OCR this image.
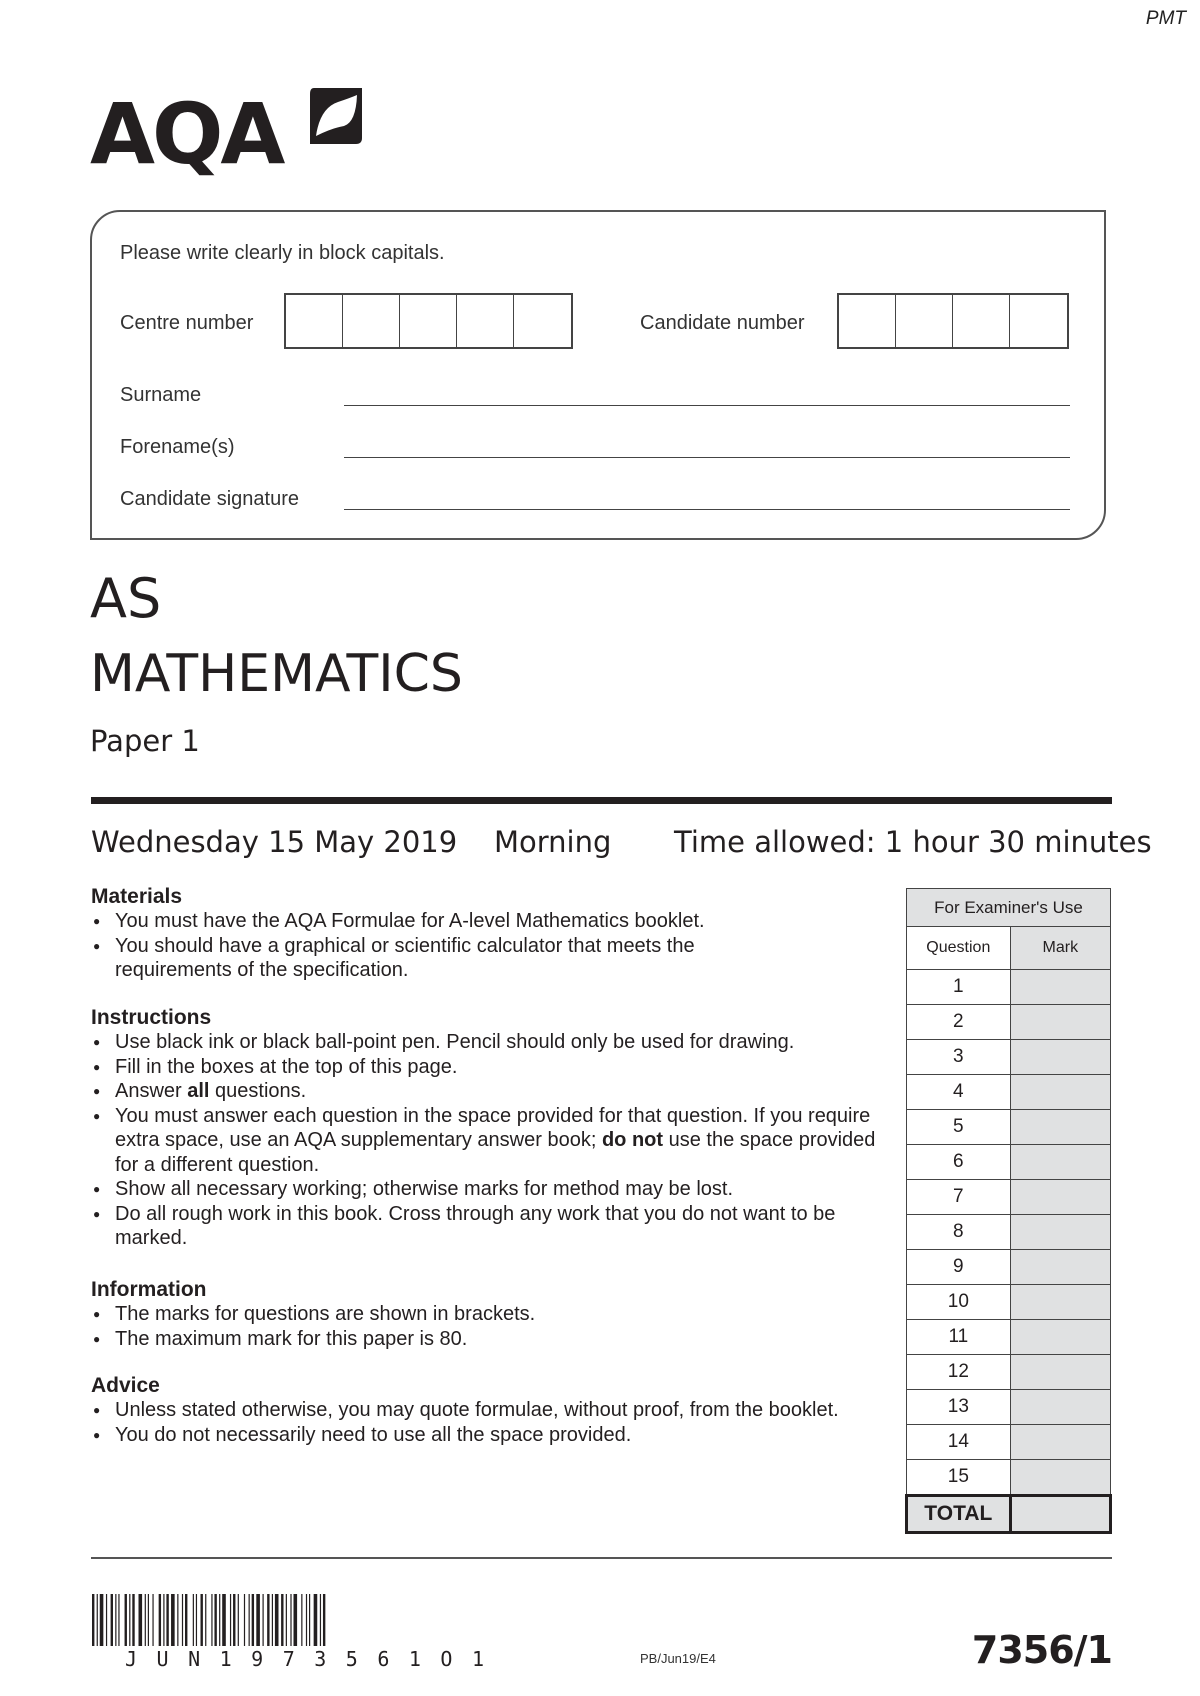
PMT
AQA
Please write clearly in block capitals.
Centre number	Candidate number
Surname
Forename(s)
Candidate signature
AS
MATHEMATICS
Paper 1
Wednesday 15 May 2019 Morning Time allowed: 1 hour 30 minutes
Materials
● You must have the AQA Formulae for A-level Mathematics booklet.
● You should have a graphical or scientific calculator that meets the requirements of the specification.
Instructions
● Use black ink or black ball-point pen. Pencil should only be used for drawing.
● Fill in the boxes at the top of this page.
● Answer all questions.
● You must answer each question in the space provided for that question. If you require extra space, use an AQA supplementary answer book; do not use the space provided for a different question.
● Show all necessary working; otherwise marks for method may be lost.
● Do all rough work in this book. Cross through any work that you do not want to be marked.
Information
● The marks for questions are shown in brackets.
● The maximum mark for this paper is 80.
Advice
● Unless stated otherwise, you may quote formulae, without proof, from the booklet.
● You do not necessarily need to use all the space provided.
For Examiner's Use	
Question	Mark
1	
2	
3	
4	
5	
6	
7	
8	
9	
10	
11	
12	
13	
14	
15	
TOTAL	
JUN1973561O1	PB/Jun19/E4	7356/1
